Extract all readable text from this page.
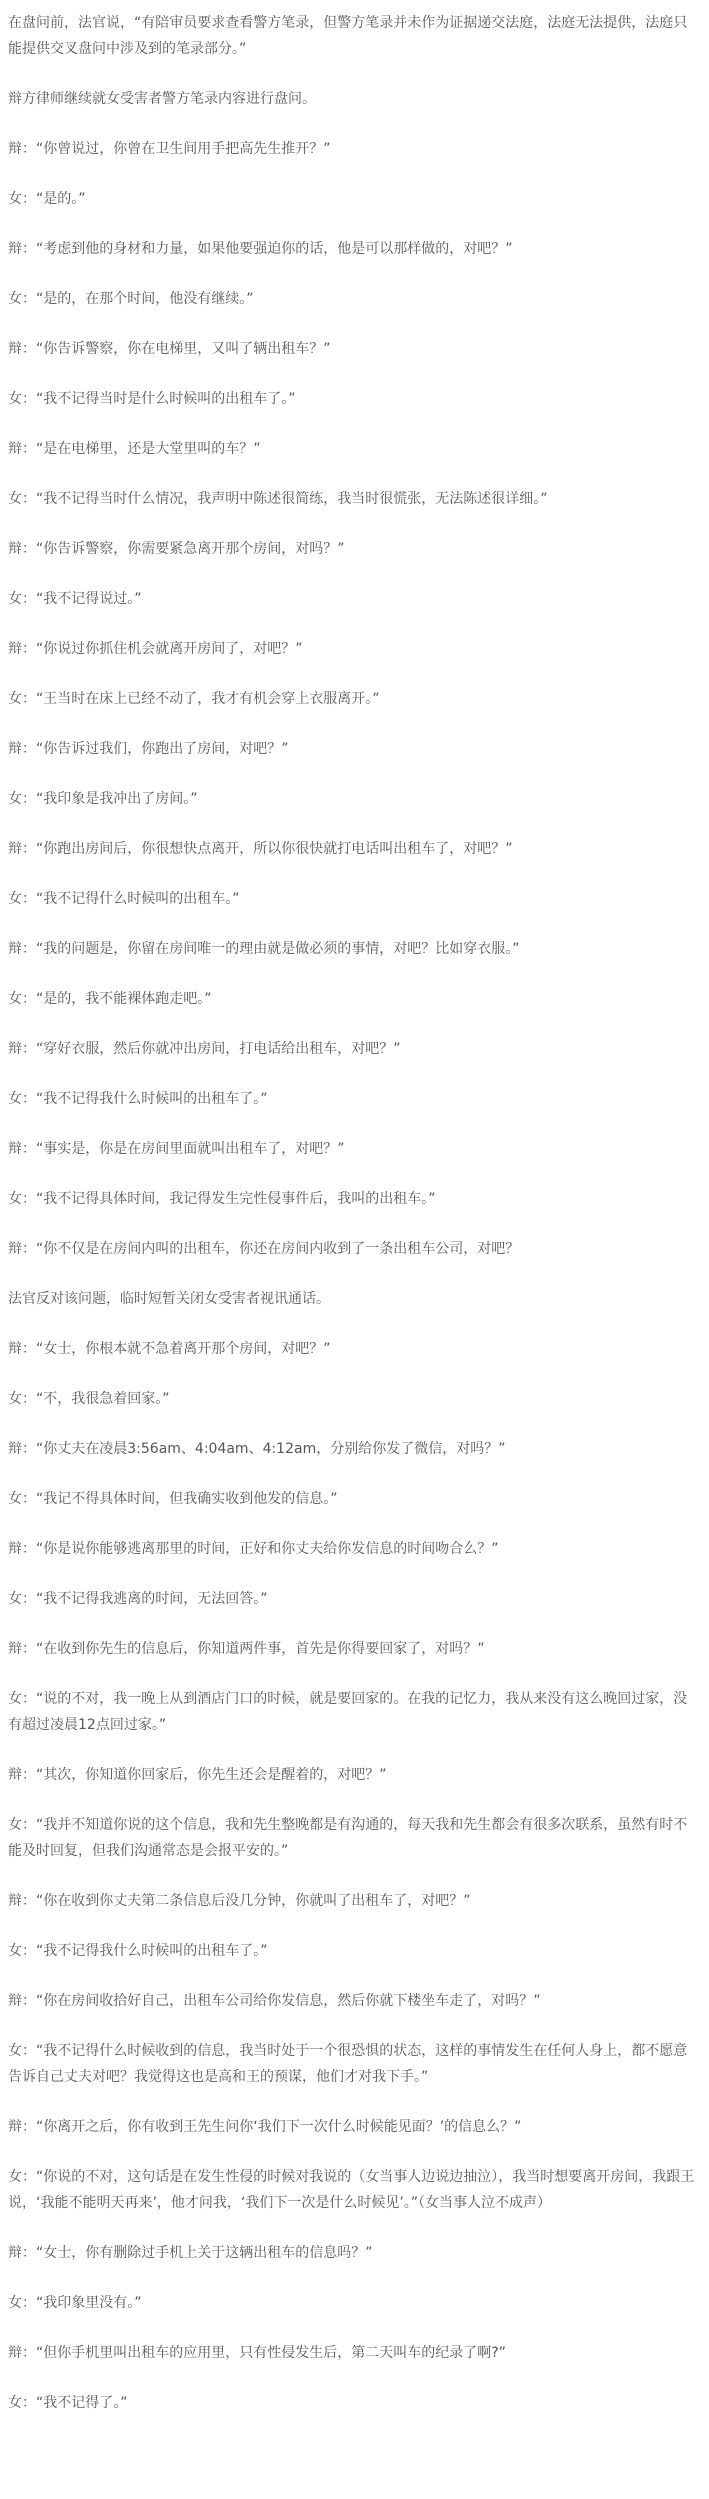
在盘问前，法官说，“有陪审员要求查看警方笔录，但警方笔录并未作为证据递交法庭，法庭无法提供，法庭只能提供交叉盘问中涉及到的笔录部分。”

辩方律师继续就女受害者警方笔录内容进行盘问。

辩：“你曾说过，你曾在卫生间用手把高先生推开？”

女：“是的。”

辩：“考虑到他的身材和力量，如果他要强迫你的话，他是可以那样做的，对吧？”

女：“是的，在那个时间，他没有继续。”

辩：“你告诉警察，你在电梯里，又叫了辆出租车？”

女：“我不记得当时是什么时候叫的出租车了。”

辩：“是在电梯里，还是大堂里叫的车？”

女：“我不记得当时什么情况，我声明中陈述很简练，我当时很慌张，无法陈述很详细。”

辩：“你告诉警察，你需要紧急离开那个房间，对吗？”

女：“我不记得说过。”

辩：“你说过你抓住机会就离开房间了，对吧？”

女：“王当时在床上已经不动了，我才有机会穿上衣服离开。”

辩：“你告诉过我们，你跑出了房间，对吧？”

女：“我印象是我冲出了房间。”

辩：“你跑出房间后，你很想快点离开，所以你很快就打电话叫出租车了，对吧？”

女：“我不记得什么时候叫的出租车。”

辩：“我的问题是，你留在房间唯一的理由就是做必须的事情，对吧？比如穿衣服。”

女：“是的，我不能裸体跑走吧。”

辩：“穿好衣服，然后你就冲出房间，打电话给出租车，对吧？”

女：“我不记得我什么时候叫的出租车了。”

辩：“事实是，你是在房间里面就叫出租车了，对吧？”

女：“我不记得具体时间，我记得发生完性侵事件后，我叫的出租车。”

辩：“你不仅是在房间内叫的出租车，你还在房间内收到了一条出租车公司，对吧？

法官反对该问题，临时短暂关闭女受害者视讯通话。

辩：“女士，你根本就不急着离开那个房间，对吧？”

女：“不，我很急着回家。”

辩：“你丈夫在凌晨3:56am、4:04am、4:12am，分别给你发了微信，对吗？”

女：“我记不得具体时间，但我确实收到他发的信息。”

辩：“你是说你能够逃离那里的时间，正好和你丈夫给你发信息的时间吻合么？”

女：“我不记得我逃离的时间，无法回答。”

辩：“在收到你先生的信息后，你知道两件事，首先是你得要回家了，对吗？”

女：“说的不对，我一晚上从到酒店门口的时候，就是要回家的。在我的记忆力，我从来没有这么晚回过家，没有超过凌晨12点回过家。”

辩：“其次，你知道你回家后，你先生还会是醒着的，对吧？”

女：“我并不知道你说的这个信息，我和先生整晚都是有沟通的，每天我和先生都会有很多次联系，虽然有时不能及时回复，但我们沟通常态是会报平安的。”

辩：“你在收到你丈夫第二条信息后没几分钟，你就叫了出租车了，对吧？”

女：“我不记得我什么时候叫的出租车了。”

辩：“你在房间收拾好自己，出租车公司给你发信息，然后你就下楼坐车走了，对吗？”

女：“我不记得什么时候收到的信息，我当时处于一个很恐惧的状态，这样的事情发生在任何人身上，都不愿意告诉自己丈夫对吧？我觉得这也是高和王的预谋，他们才对我下手。”

辩：“你离开之后，你有收到王先生问你‘我们下一次什么时候能见面？’的信息么？”

女：“你说的不对，这句话是在发生性侵的时候对我说的（女当事人边说边抽泣），我当时想要离开房间，我跟王说，‘我能不能明天再来’，他才问我，‘我们下一次是什么时候见’。”（女当事人泣不成声）

辩：“女士，你有删除过手机上关于这辆出租车的信息吗？”

女：“我印象里没有。”

辩：“但你手机里叫出租车的应用里，只有性侵发生后，第二天叫车的纪录了啊?”

女：“我不记得了。”
